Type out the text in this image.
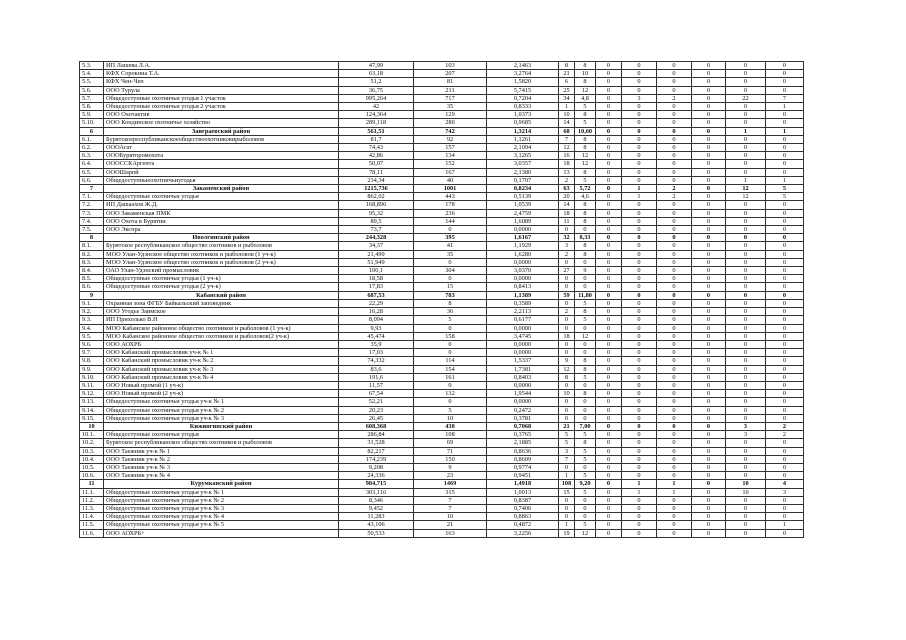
5.3.	ИП Лашева Л.А.	47,99	103	2,1463	8	8	0	0	0	0	0	0
5.4.	КФХ Сорокина Т.А.	63,18	207	3,2764	21	10	0	0	0	0	0	0
5.5.	КФХ Чен-Чен	51,2	81	1,5820	6	8	0	0	0	0	0	0
5.6.	ООО Турула	36,75	211	5,7415	25	12	0	0	0	0	0	0
5.7.	Общедоступные охотничьи угодья 1 участок	995,264	717	0,7204	34	4,8	0	3	2	0	22	7
5.8.	Общедоступные охотничьи угодья 2 участок	42	35	0,8333	1	5	0	0	0	0	0	1
5.9.	ООО Охотактив	124,364	129	1,0373	10	8	0	0	0	0	0	0
5.10.	ООО Кондинское охотничье хозяйство	289,118	280	0,9685	14	5	0	0	0	0	0	0
6	Заиграевский район	561,51	742	1,3214	68	10,60	0	0	0	0	1	1
6.1.	Бурятскоереспубликанскоеобществоохотниковирыболовов	81,7	92	1,1261	7	8	0	0	0	0	0	0
6.2.	ОООАгат	74,43	157	2,1094	12	8	0	0	0	0	0	0
6.3.	ОООБурятпромохота	42,86	134	3,1265	16	12	0	0	0	0	0	0
6.4.	ОООССКАргента	50,07	152	3,0357	18	12	0	0	0	0	0	0
6.5.	ОООШарпй	78,11	167	2,1380	13	8	0	0	0	0	0	0
6.6.	Общедоступныеохотничьиугодья	234,34	40	0,1707	2	5	0	0	0	0	1	1
7	Закаменский район	1215,736	1001	0,8234	63	5,72	0	1	2	0	12	5
7.1.	Общедоступные охотничьи угодья	862,02	443	0,5139	20	4,6	0	1	2	0	12	5
7.2.	ИП Дашаахов Ж.Д.	168,896	178	1,0539	14	8	0	0	0	0	0	0
7.3.	ООО Закаменская ПМК	95,32	236	2,4759	18	8	0	0	0	0	0	0
7.4.	ООО Охота в Бурятии	89,5	144	1,6089	11	8	0	0	0	0	0	0
7.5.	ООО Экспра	73,7	0	0,0000	0	0	0	0	0	0	0	0
8	Иволгинский район	244,328	395	1,6167	32	8,33	0	0	0	0	0	0
8.1.	Бурятское республиканское общество охотников и рыболовов	34,37	41	1,1929	3	8	0	0	0	0	0	0
8.2.	МОО Улан-Удэнское общество охотников и рыболовов (1 уч-к)	21,499	35	1,6280	2	8	0	0	0	0	0	0
8.3.	МОО Улан-Удэнское общество охотников и рыболовов (2 уч-к)	51,949	0	0,0000	0	0	0	0	0	0	0	0
8.4.	ОАО Улан-Удэнский промысловик	100,1	304	3,0370	27	9	0	0	0	0	0	0
8.5.	Общедоступные охотничьи угодья (1 уч-к)	18,58	0	0,0000	0	0	0	0	0	0	0	0
8.6.	Общедоступные охотничьи угодья (2 уч-к)	17,83	15	0,8413	0	0	0	0	0	0	0	0
9	Кабанский район	687,53	783	1,1389	59	11,80	0	0	0	0	0	0
9.1.	Охранная зона ФГБУ Байкальский заповедник	22,29	8	0,3589	0	5	0	0	0	0	0	0
9.2.	ООО Угодье Заимское	16,28	36	2,2113	2	8	0	0	0	0	0	0
9.3.	ИП Прихолько В.Н	8,094	5	0,6177	0	5	0	0	0	0	0	0
9.4.	МОО Кабанское районное общество охотников и рыболовов (1 уч-к)	9,93	0	0,0000	0	0	0	0	0	0	0	0
9.5.	МОО Кабанское районное общество охотников и рыболовов(2 уч-к)	45,474	158	3,4745	18	12	0	0	0	0	0	0
9.6.	ООО АОХРБ	35,9	0	0,0000	0	0	0	0	0	0	0	0
9.7.	ООО Кабанский промысловик уч-к № 1	17,03	0	0,0000	0	0	0	0	0	0	0	0
9.8.	ООО Кабанский промысловик уч-к № 2	74,332	114	1,5337	9	8	0	0	0	0	0	0
9.9.	ООО Кабанский промысловик уч-к № 3	83,6	154	1,7381	12	8	0	0	0	0	0	0
9.10.	ООО Кабанский промысловик уч-к № 4	191,6	161	0,8403	8	5	0	0	0	0	0	0
9.11.	ООО Новый промой (1 уч-к)	11,57	0	0,0000	0	0	0	0	0	0	0	0
9.12.	ООО Новый промой (2 уч-к)	67,54	132	1,9544	10	8	0	0	0	0	0	0
9.13.	Общедоступные охотничьи угодья уч-к № 1	52,21	0	0,0000	0	0	0	0	0	0	0	0
9.14.	Общедоступные охотничьи угодья уч-к № 2	20,23	5	0,2472	0	0	0	0	0	0	0	0
9.15.	Общедоступные охотничьи угодья уч-к № 3	26,45	10	0,3781	0	0	0	0	0	0	0	0
10	Кижингинский район	608,368	430	0,7068	21	7,00	0	0	0	0	3	2
10.1.	Общедоступные охотничьи угодья	286,84	108	0,3765	5	5	0	0	0	0	3	2
10.2.	Бурятское республиканское общество охотников и рыболовов	31,528	69	2,1885	5	8	0	0	0	0	0	0
10.3.	ООО Таежник уч-к № 1	82,217	71	0,8636	3	5	0	0	0	0	0	0
10.4.	ООО Таежник уч-к № 2	174,239	150	0,8609	7	5	0	0	0	0	0	0
10.5.	ООО Таежник уч-к № 3	9,208	9	0,9774	0	0	0	0	0	0	0	0
10.6.	ООО Таежник уч-к № 4	24,336	23	0,9451	1	5	0	0	0	0	0	0
11	Курумканский район	984,715	1469	1,4918	108	9,20	0	1	1	0	10	4
11.1.	Общедоступные охотничьи угодья уч-к № 1	303,116	315	1,0013	15	5	0	1	1	0	10	3
11.2.	Общедоступные охотничьи угодья уч-к № 2	8,346	7	0,8387	0	0	0	0	0	0	0	0
11.3.	Общедоступные охотничьи угодья уч-к № 3	9,452	7	0,7406	0	0	0	0	0	0	0	0
11.4.	Общедоступные охотничьи угодья уч-к № 4	11,283	10	0,8863	0	0	0	0	0	0	0	0
11.5.	Общедоступные охотничьи угодья уч-к № 5	43,106	21	0,4872	1	5	0	0	0	0	0	1
11.6.	ООО АОХРБ+	50,533	163	3,2256	19	12	0	0	0	0	0	0
